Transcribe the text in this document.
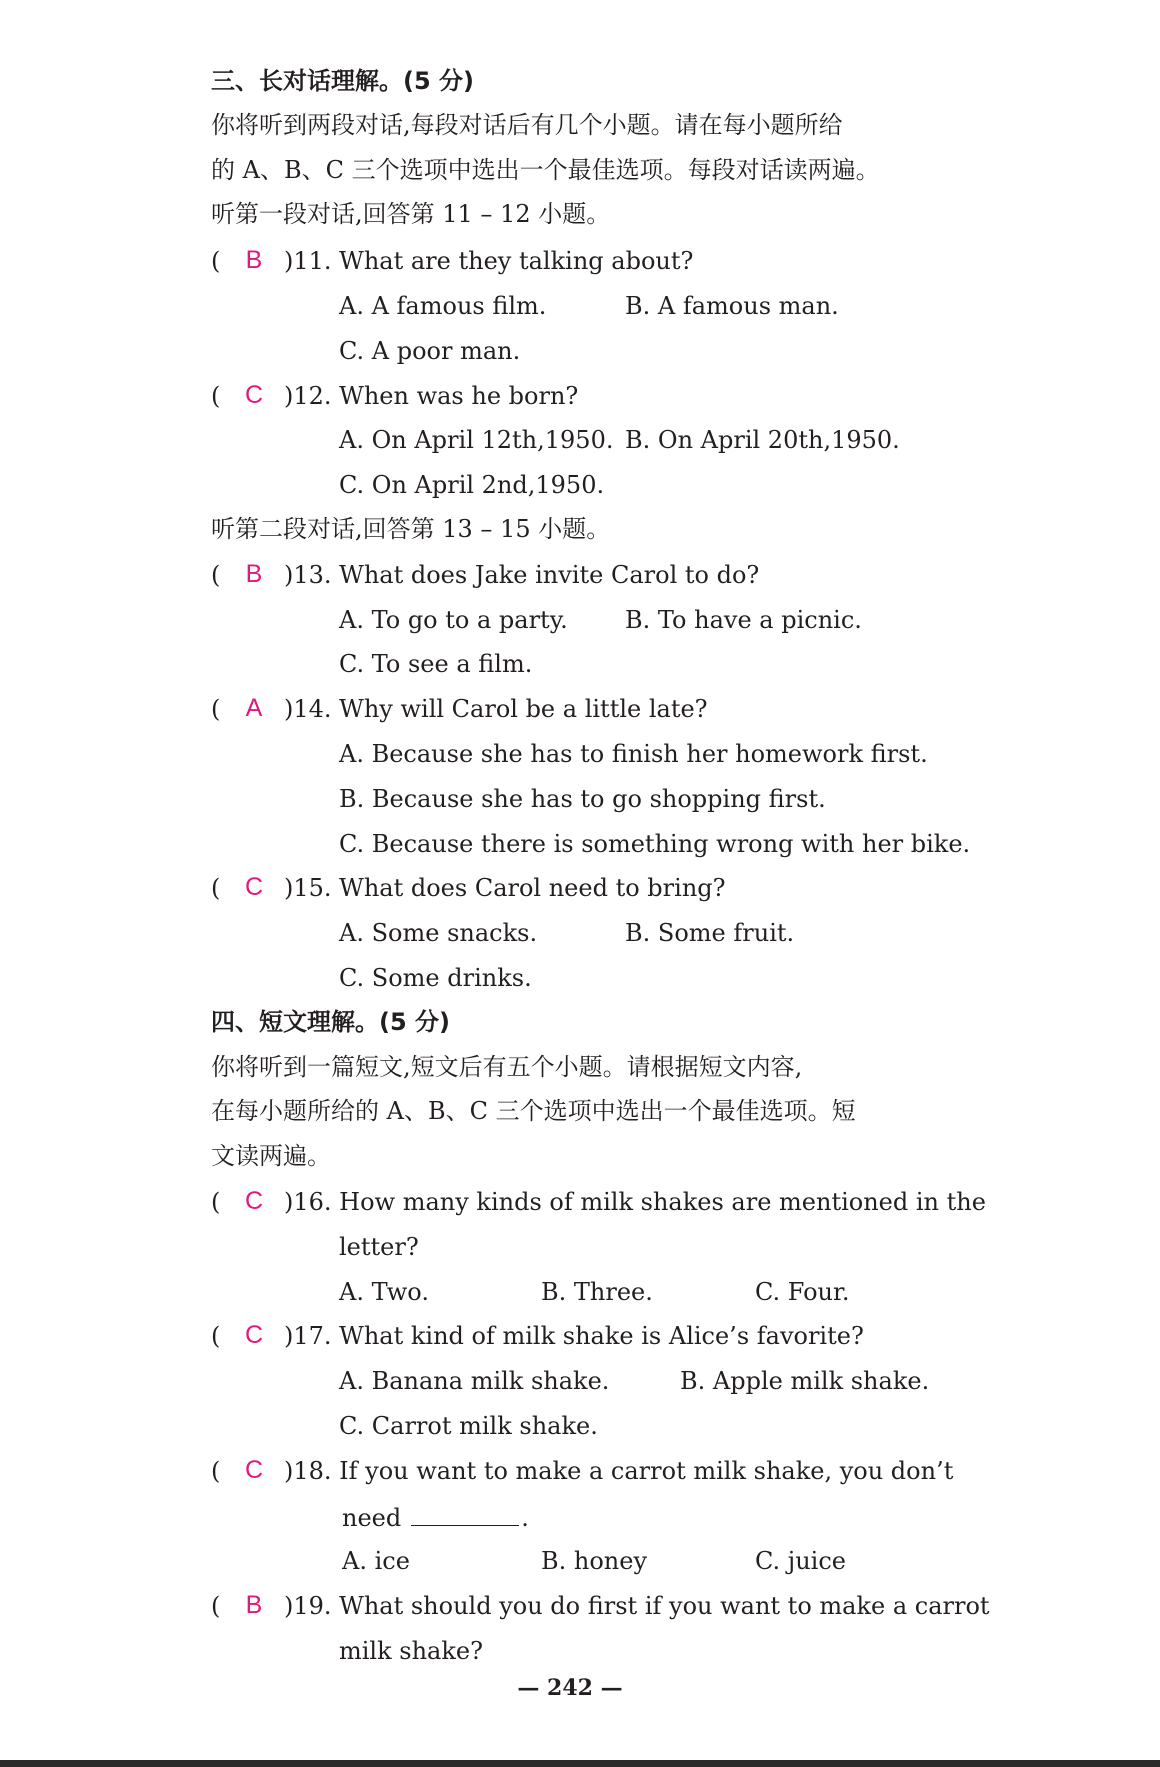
三、长对话理解。(5 分)
你将听到两段对话,每段对话后有几个小题。请在每小题所给
的 A、B、C 三个选项中选出一个最佳选项。每段对话读两遍。
听第一段对话,回答第 11 – 12 小题。
( B )11. What are they talking about?
A. A famous film.	B. A famous man.
C. A poor man.
( C )12. When was he born?
A. On April 12th,1950. B. On April 20th,1950.
C. On April 2nd,1950.
听第二段对话,回答第 13 – 15 小题。
( B )13. What does Jake invite Carol to do?
A. To go to a party. B. To have a picnic.
C. To see a film.
( A )14. Why will Carol be a little late?
A. Because she has to finish her homework first.
B. Because she has to go shopping first.
C. Because there is something wrong with her bike.
( C )15. What does Carol need to bring?
A. Some snacks.	B. Some fruit.
C. Some drinks.
四、短文理解。(5 分)
你将听到一篇短文,短文后有五个小题。请根据短文内容,
在每小题所给的 A、B、C 三个选项中选出一个最佳选项。短
文读两遍。
( C )16. How many kinds of milk shakes are mentioned in the
letter?
A. Two.	B. Three.	C. Four.
( C )17. What kind of milk shake is Alice’s favorite?
A. Banana milk shake.	B. Apple milk shake.
C. Carrot milk shake.
( C )18. If you want to make a carrot milk shake, you don’t
need	.
A. ice	B. honey	C. juice
( B )19. What should you do first if you want to make a carrot
milk shake?
— 242 —
